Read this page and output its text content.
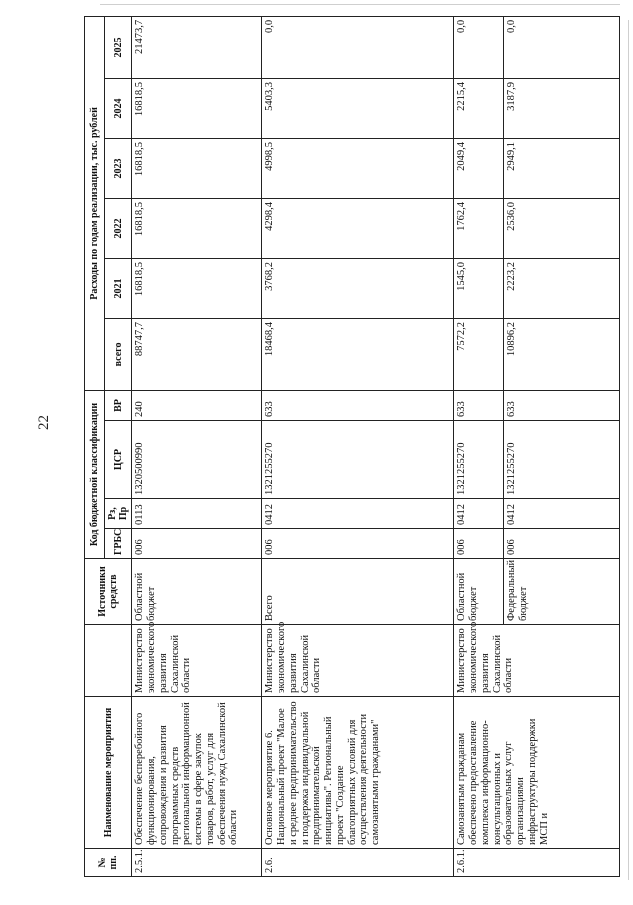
22
№ пп.	Наименование мероприятия		Источники средств	Код бюджетной классификации				Расходы по годам реализации, тыс. рублей					
				ГРБС	Рз, Пр	ЦСР	ВР	всего	2021	2022	2023	2024	2025
2.5.1.	Обеспечение бесперебойного функционирования, сопровождения и развития программных средств региональной информационной системы в сфере закупок товаров, работ, услуг для обеспечения нужд Сахалинской области	Министерство экономического развития Сахалинской области	Областной бюджет	006	0113	1320500990	240	88747,7	16818,5	16818,5	16818,5	16818,5	21473,7
2.6.	Основное мероприятие 6. Национальный проект "Малое и среднее предпринимательство и поддержка индивидуальной предпринимательской инициативы". Региональный проект "Создание благоприятных условий для осуществления деятельности самозанятыми гражданами"	Министерство экономического развития Сахалинской области	Всего	006	0412	1321255270	633	18468,4	3768,2	4298,4	4998,5	5403,3	0,0
2.6.1.	Самозанятым гражданам обеспечено предоставление комплекса информационно-консультационных и образовательных услуг организациями инфраструктуры поддержки МСП и	Министерство экономического развития Сахалинской области	Областной бюджет	006	0412	1321255270	633	7572,2	1545,0	1762,4	2049,4	2215,4	0,0
			Федеральный бюджет	006	0412	1321255270	633	10896,2	2223,2	2536,0	2949,1	3187,9	0,0
